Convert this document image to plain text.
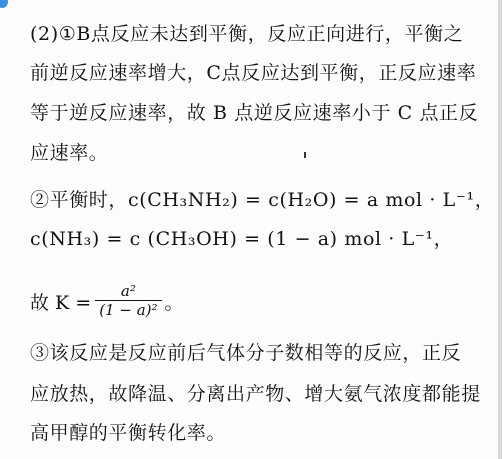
(2)①B点反应未达到平衡，反应正向进行，平衡之
前逆反应速率增大，C点反应达到平衡，正反应速率
等于逆反应速率，故 B 点逆反应速率小于 C 点正反
应速率。
②平衡时，c(CH₃NH₂) = c(H₂O) = a mol · L⁻¹，
c(NH₃) = c (CH₃OH) = (1 − a) mol · L⁻¹，
故 $K = \frac{\text{a²}}{\text{(1 − a)²}}$ 。
③该反应是反应前后气体分子数相等的反应，正反
应放热，故降温、分离出产物、增大氨气浓度都能提
高甲醇的平衡转化率。
